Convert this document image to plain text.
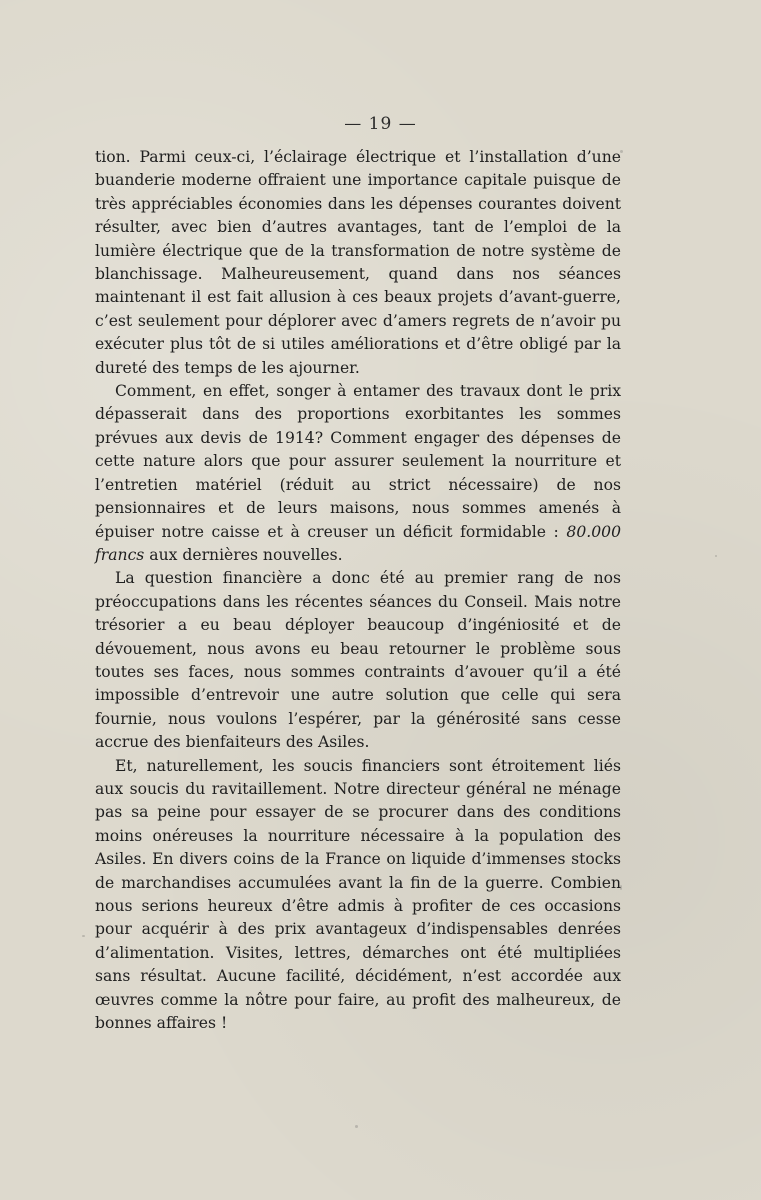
— 19 —

tion. Parmi ceux-ci, l’éclairage électrique et l’installation d’une buanderie moderne offraient une importance capitale puisque de très appréciables économies dans les dépenses courantes doivent résulter, avec bien d’autres avantages, tant de l’emploi de la lumière électrique que de la transformation de notre système de blanchissage. Malheureusement, quand dans nos séances maintenant il est fait allusion à ces beaux projets d’avant-guerre, c’est seulement pour déplorer avec d’amers regrets de n’avoir pu exécuter plus tôt de si utiles améliorations et d’être obligé par la dureté des temps de les ajourner.

Comment, en effet, songer à entamer des travaux dont le prix dépasserait dans des proportions exorbitantes les sommes prévues aux devis de 1914? Comment engager des dépenses de cette nature alors que pour assurer seulement la nourriture et l’entretien matériel (réduit au strict nécessaire) de nos pensionnaires et de leurs maisons, nous sommes amenés à épuiser notre caisse et à creuser un déficit formidable : 80.000 francs aux dernières nouvelles.

La question financière a donc été au premier rang de nos préoccupations dans les récentes séances du Conseil. Mais notre trésorier a eu beau déployer beaucoup d’ingéniosité et de dévouement, nous avons eu beau retourner le problème sous toutes ses faces, nous sommes contraints d’avouer qu’il a été impossible d’entrevoir une autre solution que celle qui sera fournie, nous voulons l’espérer, par la générosité sans cesse accrue des bienfaiteurs des Asiles.

Et, naturellement, les soucis financiers sont étroitement liés aux soucis du ravitaillement. Notre directeur général ne ménage pas sa peine pour essayer de se procurer dans des conditions moins onéreuses la nourriture nécessaire à la population des Asiles. En divers coins de la France on liquide d’immenses stocks de marchandises accumulées avant la fin de la guerre. Combien nous serions heureux d’être admis à profiter de ces occasions pour acquérir à des prix avantageux d’indispensables denrées d’alimentation. Visites, lettres, démarches ont été multipliées sans résultat. Aucune facilité, décidément, n’est accordée aux œuvres comme la nôtre pour faire, au profit des malheureux, de bonnes affaires !
